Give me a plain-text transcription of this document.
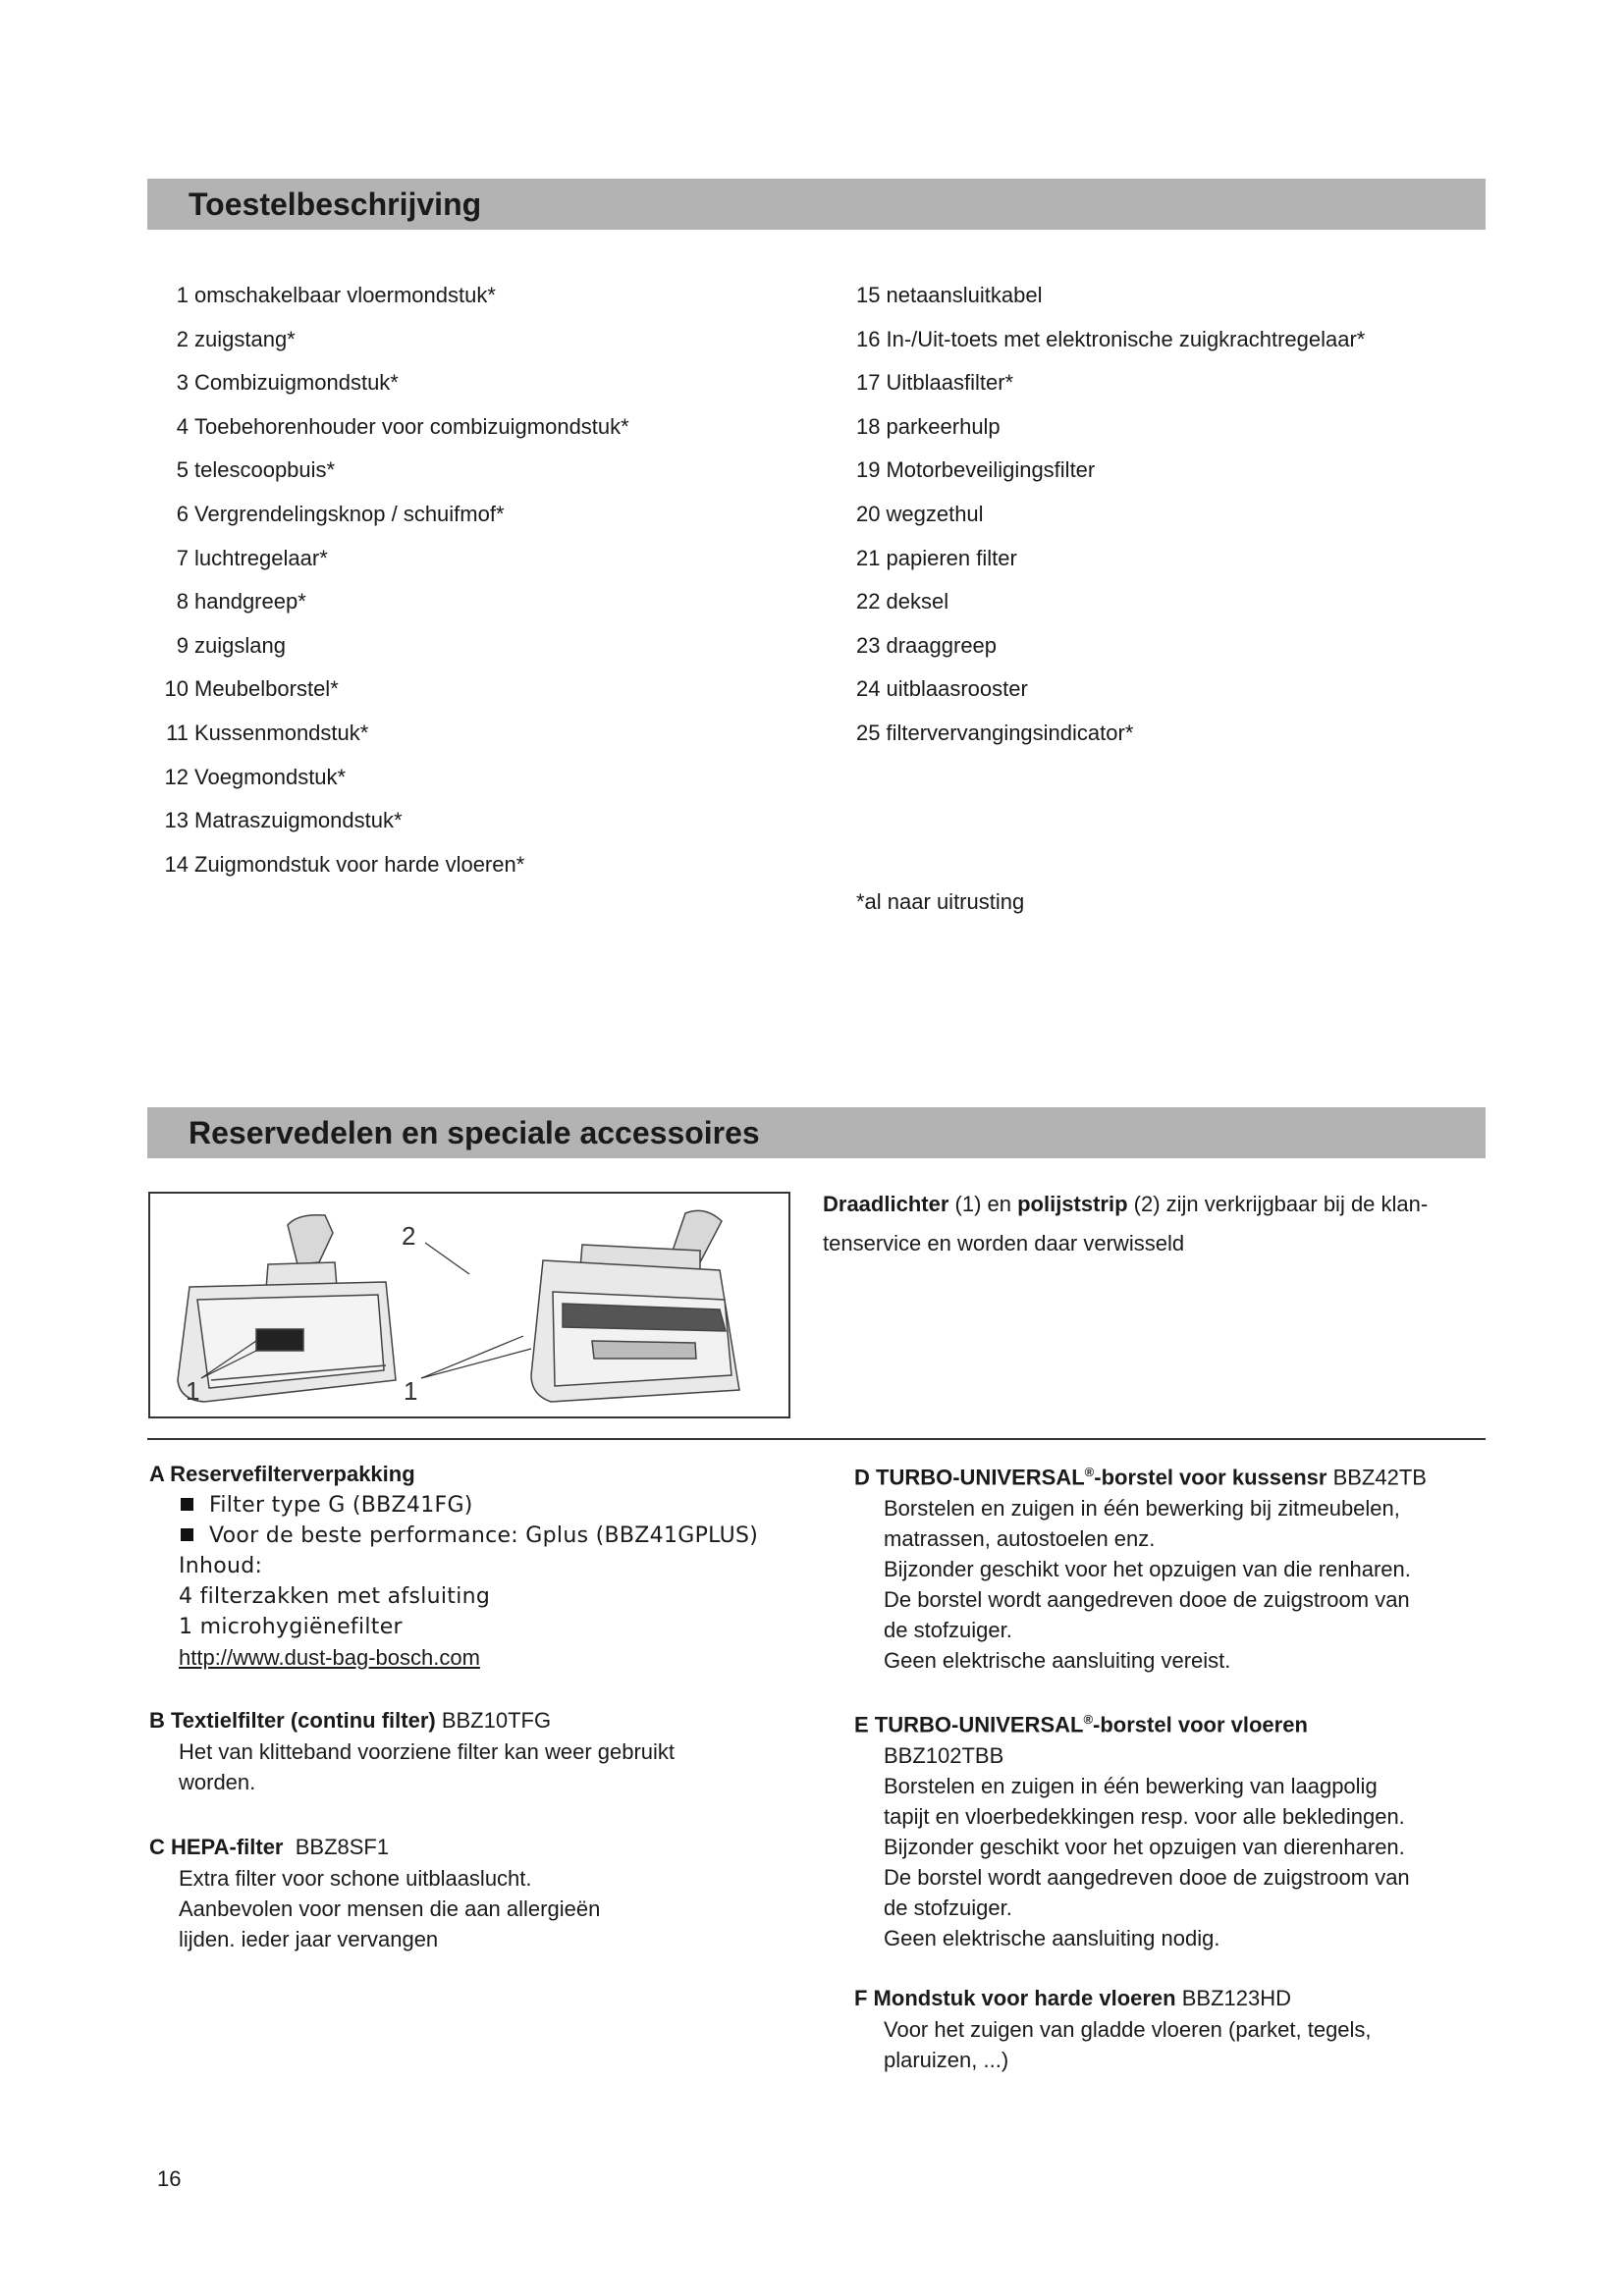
Toestelbeschrijving
1 omschakelbaar vloermondstuk*
2 zuigstang*
3 Combizuigmondstuk*
4 Toebehorenhouder voor combizuigmondstuk*
5 telescoopbuis*
6 Vergrendelingsknop / schuifmof*
7 luchtregelaar*
8 handgreep*
9 zuigslang
10 Meubelborstel*
11 Kussenmondstuk*
12 Voegmondstuk*
13 Matraszuigmondstuk*
14 Zuigmondstuk voor harde vloeren*
15 netaansluitkabel
16 In-/Uit-toets met elektronische zuigkrachtregelaar*
17 Uitblaasfilter*
18 parkeerhulp
19 Motorbeveiligingsfilter
20 wegzethul
21 papieren filter
22 deksel
23 draaggreep
24 uitblaasrooster
25 filtervervangingsindicator*
*al naar uitrusting
Reservedelen en speciale accessoires
1
2
1
Draadlichter (1) en polijststrip (2) zijn verkrijgbaar bij de klan-
tenservice en worden daar verwisseld
A Reservefilterverpakking
Filter type G (BBZ41FG)
Voor de beste performance: Gplus (BBZ41GPLUS)
Inhoud:
4 filterzakken met afsluiting
1 microhygiënefilter
http://www.dust-bag-bosch.com
B Textielfilter (continu filter) BBZ10TFG
Het van klitteband voorziene filter kan weer gebruikt
worden.
C HEPA-filter  BBZ8SF1
Extra filter voor schone uitblaaslucht.
Aanbevolen voor mensen die aan allergieën
lijden. ieder jaar vervangen
D TURBO-UNIVERSAL®-borstel voor kussensr BBZ42TB
Borstelen en zuigen in één bewerking bij zitmeubelen,
matrassen, autostoelen enz.
Bijzonder geschikt voor het opzuigen van die renharen.
De borstel wordt aangedreven dooe de zuigstroom van
de stofzuiger.
Geen elektrische aansluiting vereist.
E TURBO-UNIVERSAL®-borstel voor vloeren
BBZ102TBB
Borstelen en zuigen in één bewerking van laagpolig
tapijt en vloerbedekkingen resp. voor alle bekledingen.
Bijzonder geschikt voor het opzuigen van dierenharen.
De borstel wordt aangedreven dooe de zuigstroom van
de stofzuiger.
Geen elektrische aansluiting nodig.
F Mondstuk voor harde vloeren BBZ123HD
Voor het zuigen van gladde vloeren (parket, tegels,
plaruizen, ...)
16
